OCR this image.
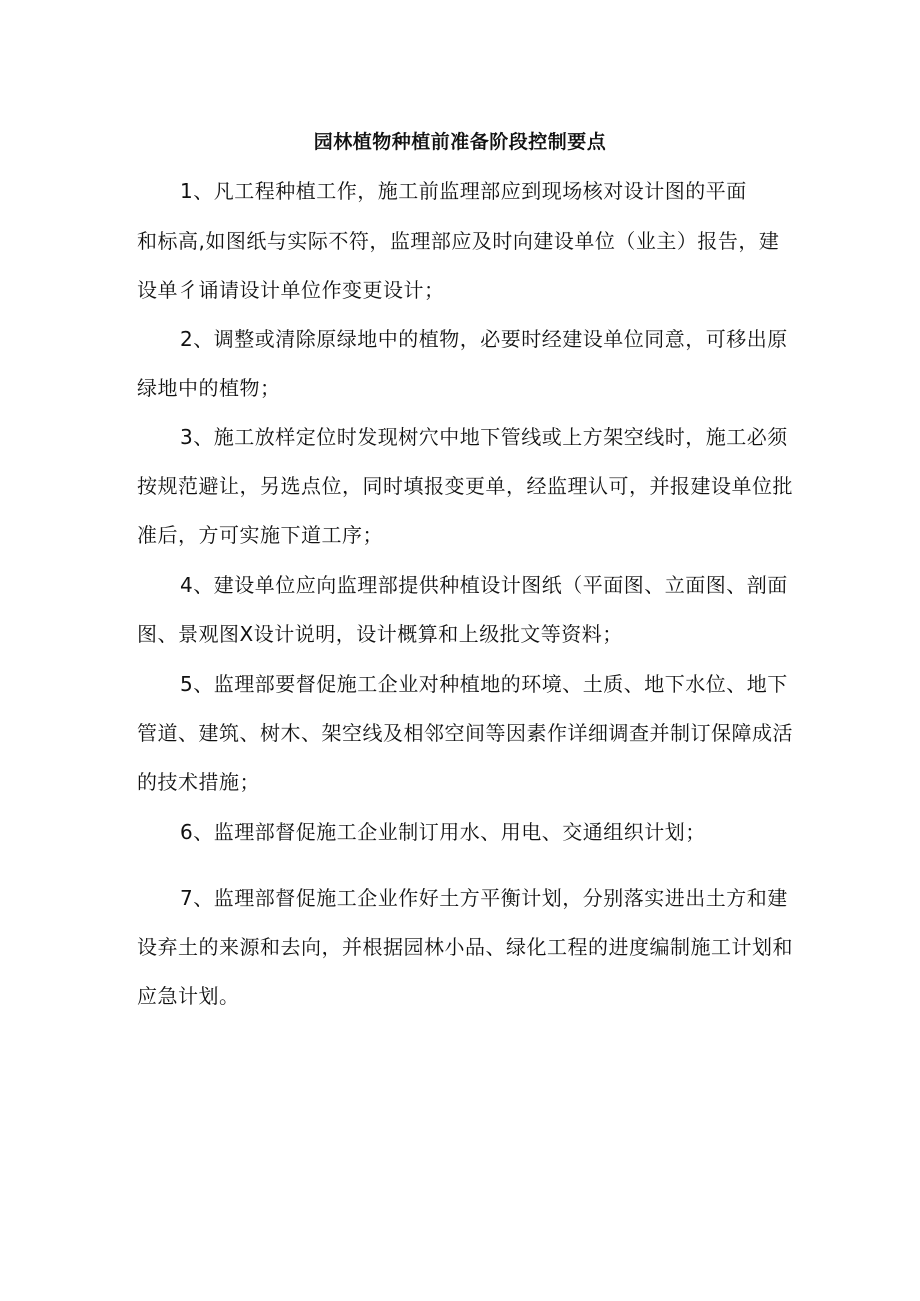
园林植物种植前准备阶段控制要点
1、凡工程种植工作，施工前监理部应到现场核对设计图的平面
和标高,如图纸与实际不符，监理部应及时向建设单位（业主）报告，建
设单彳诵请设计单位作变更设计；
2、调整或清除原绿地中的植物，必要时经建设单位同意，可移出原
绿地中的植物；
3、施工放样定位时发现树穴中地下管线或上方架空线时，施工必须
按规范避让，另选点位，同时填报变更单，经监理认可，并报建设单位批
准后，方可实施下道工序；
4、建设单位应向监理部提供种植设计图纸（平面图、立面图、剖面
图、景观图X设计说明，设计概算和上级批文等资料；
5、监理部要督促施工企业对种植地的环境、土质、地下水位、地下
管道、建筑、树木、架空线及相邻空间等因素作详细调查并制订保障成活
的技术措施；
6、监理部督促施工企业制订用水、用电、交通组织计划；
7、监理部督促施工企业作好土方平衡计划，分别落实进出土方和建
设弃土的来源和去向，并根据园林小品、绿化工程的进度编制施工计划和
应急计划。
